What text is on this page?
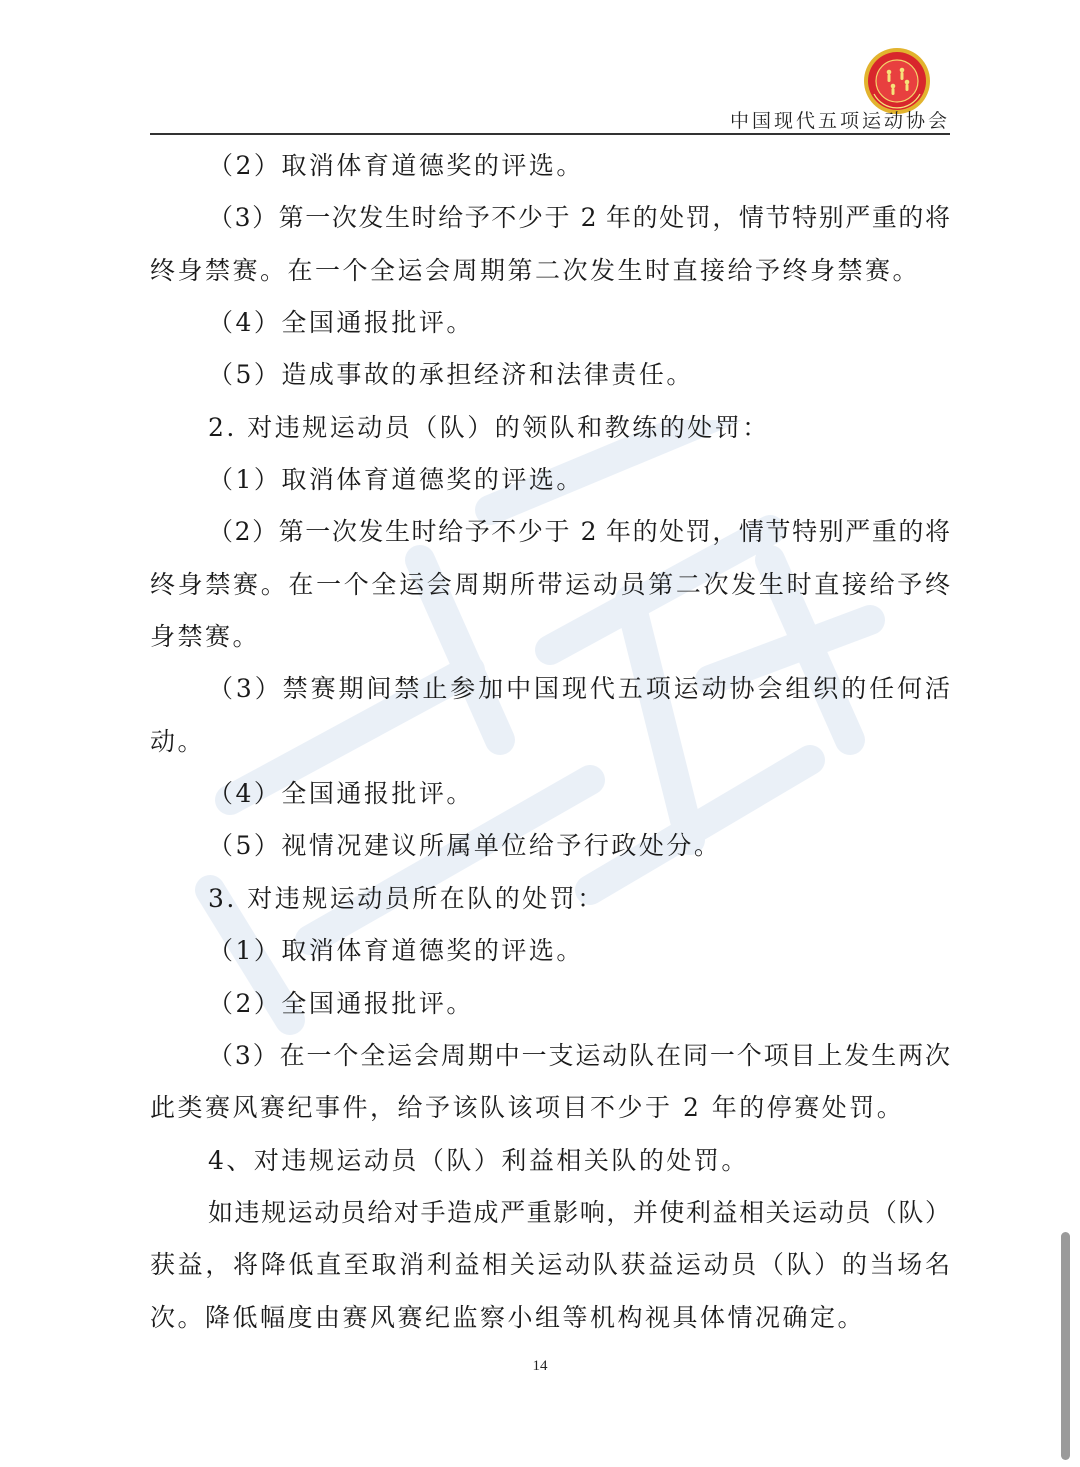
中国现代五项运动协会
（2）取消体育道德奖的评选。
（3）第一次发生时给予不少于 2 年的处罚，情节特别严重的将
终身禁赛。在一个全运会周期第二次发生时直接给予终身禁赛。
（4）全国通报批评。
（5）造成事故的承担经济和法律责任。
2. 对违规运动员（队）的领队和教练的处罚：
（1）取消体育道德奖的评选。
（2）第一次发生时给予不少于 2 年的处罚，情节特别严重的将
终身禁赛。在一个全运会周期所带运动员第二次发生时直接给予终
身禁赛。
（3）禁赛期间禁止参加中国现代五项运动协会组织的任何活
动。
（4）全国通报批评。
（5）视情况建议所属单位给予行政处分。
3. 对违规运动员所在队的处罚：
（1）取消体育道德奖的评选。
（2）全国通报批评。
（3）在一个全运会周期中一支运动队在同一个项目上发生两次
此类赛风赛纪事件，给予该队该项目不少于 2 年的停赛处罚。
4、对违规运动员（队）利益相关队的处罚。
如违规运动员给对手造成严重影响，并使利益相关运动员（队）
获益，将降低直至取消利益相关运动队获益运动员（队）的当场名
次。降低幅度由赛风赛纪监察小组等机构视具体情况确定。
14
